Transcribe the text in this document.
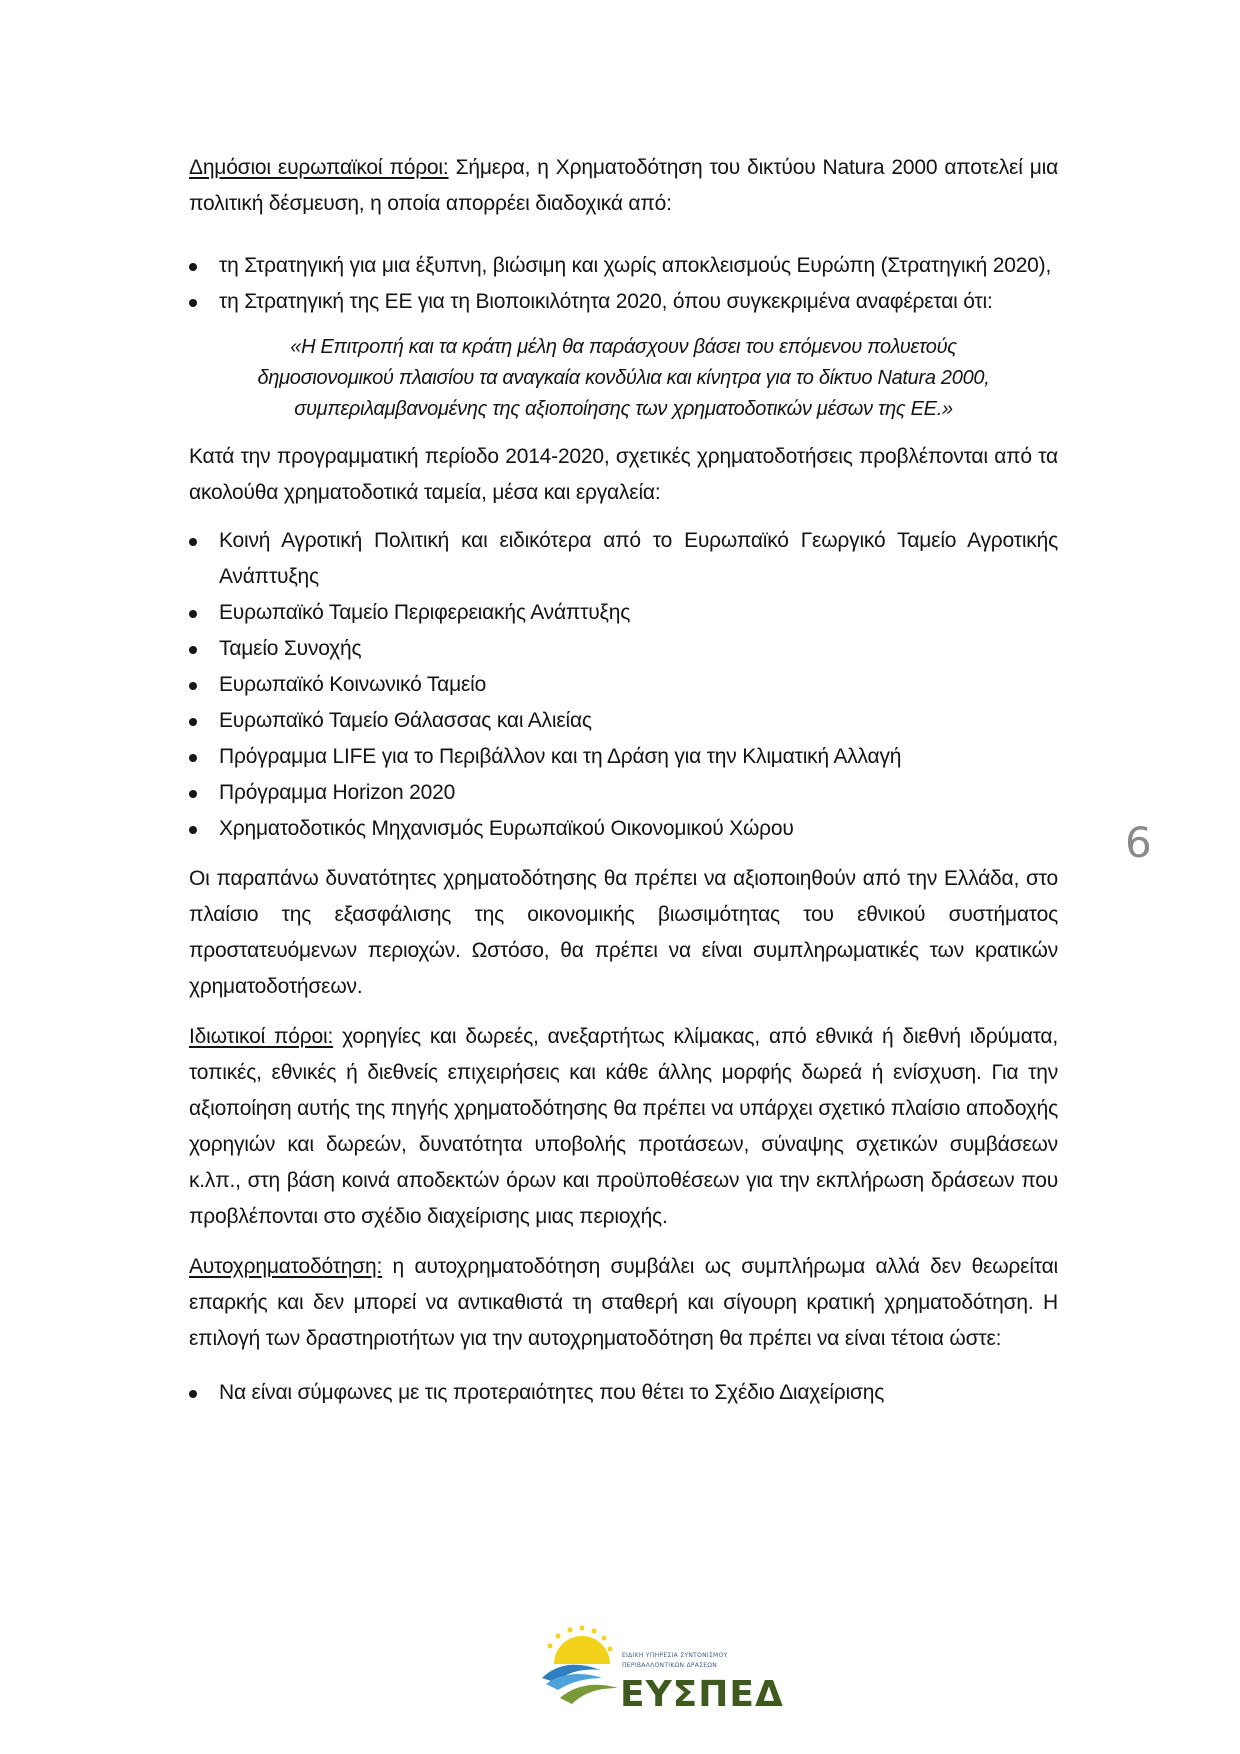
Δημόσιοι ευρωπαϊκοί πόροι: Σήμερα, η Χρηματοδότηση του δικτύου Natura 2000 αποτελεί μια πολιτική δέσμευση, η οποία απορρέει διαδοχικά από:

τη Στρατηγική για μια έξυπνη, βιώσιμη και χωρίς αποκλεισμούς Ευρώπη (Στρατηγική 2020),
τη Στρατηγική της ΕΕ για τη Βιοποικιλότητα 2020, όπου συγκεκριμένα αναφέρεται ότι:

«Η Επιτροπή και τα κράτη μέλη θα παράσχουν βάσει του επόμενου πολυετούς

δημοσιονομικού πλαισίου τα αναγκαία κονδύλια και κίνητρα για το δίκτυο Natura 2000,

συμπεριλαμβανομένης της αξιοποίησης των χρηματοδοτικών μέσων της ΕΕ.»

Κατά την προγραμματική περίοδο 2014-2020, σχετικές χρηματοδοτήσεις προβλέπονται από τα ακολούθα χρηματοδοτικά ταμεία, μέσα και εργαλεία:

Κοινή Αγροτική Πολιτική και ειδικότερα από το Ευρωπαϊκό Γεωργικό Ταμείο Αγροτικής Ανάπτυξης
Ευρωπαϊκό Ταμείο Περιφερειακής Ανάπτυξης
Ταμείο Συνοχής
Ευρωπαϊκό Κοινωνικό Ταμείο
Ευρωπαϊκό Ταμείο Θάλασσας και Αλιείας
Πρόγραμμα LIFE για το Περιβάλλον και τη Δράση για την Κλιματική Αλλαγή
Πρόγραμμα Horizon 2020
Χρηματοδοτικός Μηχανισμός Ευρωπαϊκού Οικονομικού Χώρου

Οι παραπάνω δυνατότητες χρηματοδότησης θα πρέπει να αξιοποιηθούν από την Ελλάδα, στο πλαίσιο της εξασφάλισης της οικονομικής βιωσιμότητας του εθνικού συστήματος προστατευόμενων περιοχών. Ωστόσο, θα πρέπει να είναι συμπληρωματικές των κρατικών χρηματοδοτήσεων.

Ιδιωτικοί πόροι: χορηγίες και δωρεές, ανεξαρτήτως κλίμακας, από εθνικά ή διεθνή ιδρύματα, τοπικές, εθνικές ή διεθνείς επιχειρήσεις και κάθε άλλης μορφής δωρεά ή ενίσχυση. Για την αξιοποίηση αυτής της πηγής χρηματοδότησης θα πρέπει να υπάρχει σχετικό πλαίσιο αποδοχής χορηγιών και δωρεών, δυνατότητα υποβολής προτάσεων, σύναψης σχετικών συμβάσεων κ.λπ., στη βάση κοινά αποδεκτών όρων και προϋποθέσεων για την εκπλήρωση δράσεων που προβλέπονται στο σχέδιο διαχείρισης μιας περιοχής.

Αυτοχρηματοδότηση: η αυτοχρηματοδότηση συμβάλει ως συμπλήρωμα αλλά δεν θεωρείται επαρκής και δεν μπορεί να αντικαθιστά τη σταθερή και σίγουρη κρατική χρηματοδότηση. Η επιλογή των δραστηριοτήτων για την αυτοχρηματοδότηση θα πρέπει να είναι τέτοια ώστε:

Να είναι σύμφωνες με τις προτεραιότητες που θέτει το Σχέδιο Διαχείρισης
6
ΕΙΔΙΚΗ ΥΠΗΡΕΣΙΑ ΣΥΝΤΟΝΙΣΜΟΥ
ΠΕΡΙΒΑΛΛΟΝΤΙΚΩΝ ΔΡΑΣΕΩΝ
ΕΥΣΠΕΔ
